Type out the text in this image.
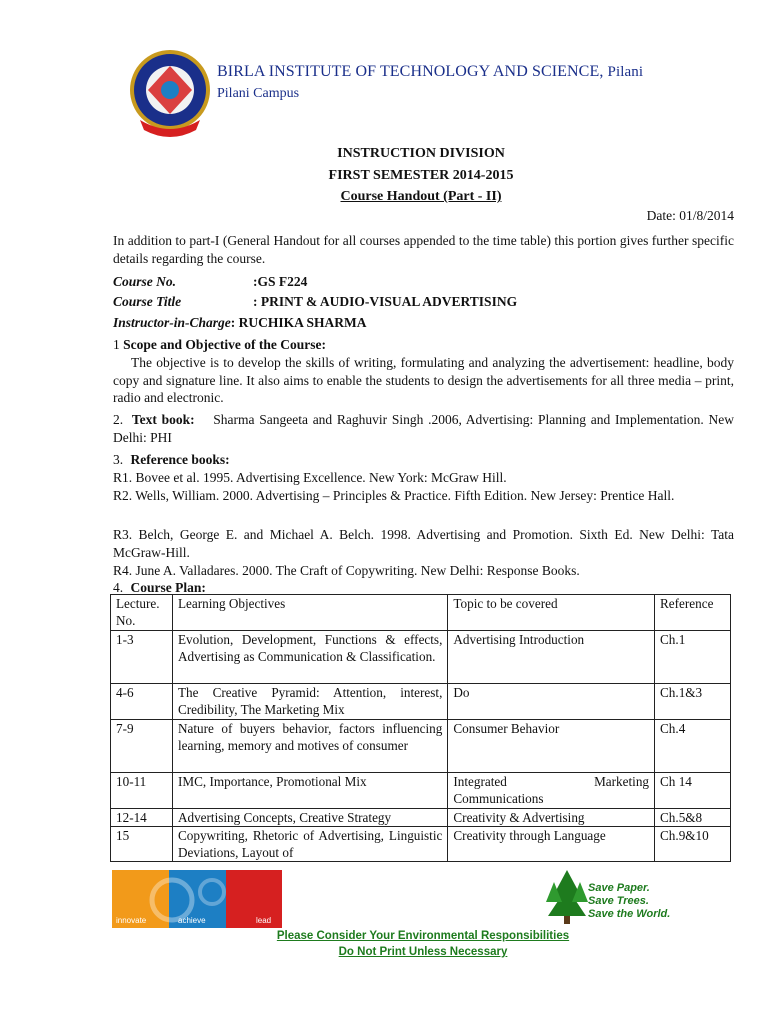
BIRLA INSTITUTE OF TECHNOLOGY AND SCIENCE, Pilani
Pilani Campus
INSTRUCTION DIVISION
FIRST SEMESTER 2014-2015
Course Handout (Part - II)
Date: 01/8/2014
In addition to part-I (General Handout for all courses appended to the time table) this portion gives further specific details regarding the course.
Course No.	:GS F224
Course Title	: PRINT & AUDIO-VISUAL ADVERTISING
Instructor-in-Charge: RUCHIKA SHARMA
1 Scope and Objective of the Course:
The objective is to develop the skills of writing, formulating and analyzing the advertisement: headline, body copy and signature line. It also aims to enable the students to design the advertisements for all three media – print, radio and electronic.
2. Text book: Sharma Sangeeta and Raghuvir Singh .2006, Advertising: Planning and Implementation. New Delhi: PHI
3. Reference books:
R1. Bovee et al. 1995. Advertising Excellence. New York: McGraw Hill.
R2. Wells, William. 2000. Advertising – Principles & Practice. Fifth Edition. New Jersey: Prentice Hall.
R3. Belch, George E. and Michael A. Belch. 1998. Advertising and Promotion. Sixth Ed. New Delhi: Tata McGraw-Hill.
R4. June A. Valladares. 2000. The Craft of Copywriting. New Delhi: Response Books.
4. Course Plan:
Lecture. No.	Learning Objectives	Topic to be covered	Reference
1-3	Evolution, Development, Functions & effects, Advertising as Communication & Classification.	Advertising Introduction	Ch.1
4-6	The Creative Pyramid: Attention, interest, Credibility, The Marketing Mix	Do	Ch.1&3
7-9	Nature of buyers behavior, factors influencing learning, memory and motives of consumer	Consumer Behavior	Ch.4
10-11	IMC, Importance, Promotional Mix	Integrated Marketing Communications	Ch 14
12-14	Advertising Concepts, Creative Strategy	Creativity & Advertising	Ch.5&8
15	Copywriting, Rhetoric of Advertising, Linguistic Deviations, Layout of	Creativity through Language	Ch.9&10
innovate	achieve	lead
Save Paper.
Save Trees.
Save the World.
Please Consider Your Environmental Responsibilities
Do Not Print Unless Necessary
